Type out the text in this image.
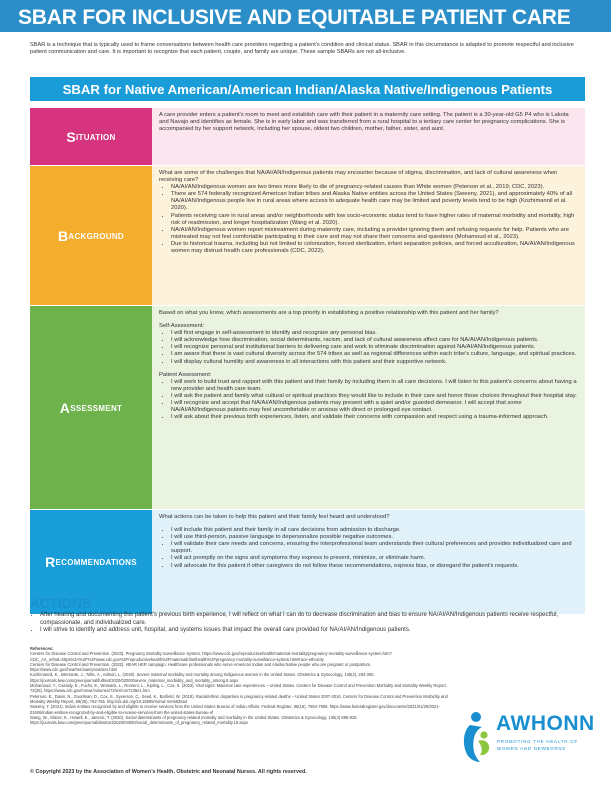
SBAR FOR INCLUSIVE AND EQUITABLE PATIENT CARE
SBAR is a technique that is typically used to frame conversations between health care providers regarding a patient’s condition and clinical status. SBAR in this circumstance is adapted to promote respectful and inclusive patient communication and care. It is important to recognize that each patient, couple, and family are unique. These sample SBARs are not all-inclusive.
SBAR for Native American/American Indian/Alaska Native/Indigenous Patients
S ituation

A care provider enters a patient’s room to meet and establish care with their patient in a maternity care setting. The patient is a 30-year-old G5 P4 who is Lakota and Navajo and identifies as female. She is in early labor and was transferred from a rural hospital to a tertiary care center for pregnancy complications. She is accompanied by her support network, including her spouse, oldest two children, mother, father, sister, and aunt.

B ackground

What are some of the challenges that NA/AI/AN/Indigenous patients may encounter because of stigma, discrimination, and lack of cultural awareness when receiving care?

• NA/AI/AN/Indigenous women are two times more likely to die of pregnancy-related causes than White women (Peterson et al., 2019; CDC, 2023).
• There are 574 federally recognized American Indian tribes and Alaska Native entities across the United States (Sweeny, 2021), and approximately 40% of all NA/AI/AN/Indigenous people live in rural areas where access to adequate health care may be limited and poverty levels tend to be high (Kozhimannil et al. 2020).
• Patients receiving care in rural areas and/or neighborhoods with low socio-economic status tend to have higher rates of maternal morbidity and mortality, high risk of readmission, and longer hospitalization (Wang et al. 2020).
• NA/AI/AN/Indigenous women report mistreatment during maternity care, including a provider ignoring them and refusing requests for help. Patients who are mistreated may not feel comfortable participating in their care and may not share their concerns and questions (Mohamoud et al., 2023).
• Due to historical trauma, including but not limited to colonization, forced sterilization, infant separation policies, and forced acculturation, NA/AI/AN/Indigenous women may distrust health care professionals (CDC, 2022).
A ssessment

Based on what you know, which assessments are a top priority in establishing a positive relationship with this patient and her family?

Self-Assessment:

• I will first engage in self-assessment to identify and recognize any personal bias.
• I will acknowledge how discrimination, social determinants, racism, and lack of cultural awareness affect care for NA/AI/AN/Indigenous patients.
• I will recognize personal and institutional barriers to delivering care and work to eliminate discrimination against NA/AI/AN/Indigenous patients.
• I am aware that there is vast cultural diversity across the 574 tribes as well as regional differences within each tribe’s culture, language, and spiritual practices.
• I will display cultural humility and awareness in all interactions with this patient and their supportive network.

Patient Assessment:

• I will work to build trust and rapport with this patient and their family by including them in all care decisions. I will listen to this patient’s concerns about having a new provider and health care team.
• I will ask the patient and family what cultural or spiritual practices they would like to include in their care and honor those choices throughout their hospital stay.
• I will recognize and accept that NA/AI/AN/Indigenous patients may present with a quiet and/or guarded demeanor. I will accept that some NA/AI/AN/Indigenous patients may feel uncomfortable or anxious with direct or prolonged eye contact.
• I will ask about their previous birth experiences, listen, and validate their concerns with compassion and respect using a trauma-informed approach.
R ecommendations

What actions can be taken to help this patient and their family feel heard and understood?

• I will include this patient and their family in all care decisions from admission to discharge.
• I will use third-person, passive language to depersonalize possible negative outcomes.
• I will validate their care needs and concerns, ensuring the interprofessional team understands their cultural preferences and provides individualized care and support.
• I will act promptly on the signs and symptoms they express to prevent, minimize, or eliminate harm.
• I will advocate for this patient if other caregivers do not follow these recommendations, express bias, or disregard the patient’s requests.
ACTIONS
• After hearing and documenting this patient’s previous birth experience, I will reflect on what I can do to decrease discrimination and bias to ensure NA/AI/AN/Indigenous patients receive respectful, compassionate, and individualized care.
• I will strive to identify and address unit, hospital, and systems issues that impact the overall care provided for NA/AI/AN/Indigenous patients.

References:

Centers for Disease Control and Prevention. (2023). Pregnancy Mortality Surveillance System. https://www.cdc.gov/reproductivehealth/maternal-mortality/pregnancy-mortality-surveillance-system.htm?CDC_AA_refVal=https%3A%2F%2Fwww.cdc.gov%2Freproductivehealth%2Fmaternalinfanthealth%2Fpregnancy-mortality-surveillance-system.htm#race-ethnicity

Centers for Disease Control and Prevention. (2022). HEAR HER campaign: Healthcare professionals who serve American Indian and Alaska Native people who are pregnant or postpartum. https://www.cdc.gov/hearher/aian/providers.html

Kozhimannil, K., Interrante, J., Tofte, A., Admon, L. (2020). Severe maternal morbidity and mortality among Indigenous women in the United States. Obstetrics & Gynecology, 135(2), 294-300. https://journals.lww.com/greenjournal/fulltext/2020/02000/severe_maternal_morbidity_and_mortality_among.8.aspx

Mohamoud, Y., Cassidy, E., Fuchs, E., Womack, L., Romero, L., Kipling, L., Cox, S. (2023). Vital signs: Maternal care experiences – United States. Centers for Disease Control and Prevention Morbidity and Mortality Weekly Report, 72(35). https://www.cdc.gov/mmwr/volumes/72/wr/mm7235e1.htm

Peterson, E., Davis, N., Goodman, D., Cox, S., Syverson, C., Seed, K., Barfield, W. (2019). Racial/ethnic disparities in pregnancy-related deaths – United States 2007-2016. Centers for Disease Control and Prevention Morbidity and Mortality Weekly Report, 68(35), 762-765. http://dx.doi.org/10.15585/mmwr.mm6835a3

Sweeny, T. (2021). Indian entities recognized by and eligible to receive services from the United States Bureau of Indian Affairs. Federal Register, 86(18), 7554-7558. https://www.federalregister.gov/documents/2021/01/29/2021-01606/indian-entities-recognized-by-and-eligible-to-receive-services-from-the-united-states-bureau-of

Wang, W., Glazer, K., Howell, E., Janevic, T. (2020). Social determinants of pregnancy-related mortality and morbidity in the United States. Obstetrics & Gynecology, 135(4) 896-915. https://journals.lww.com/greenjournal/abstract/2020/04000/social_determinants_of_pregnancy_related_mortality.19.aspx

© Copyright 2023 by the Association of Women’s Health, Obstetric and Neonatal Nurses. All rights reserved.
AWHONN
PROMOTING THE HEALTH OF
WOMEN AND NEWBORNS
